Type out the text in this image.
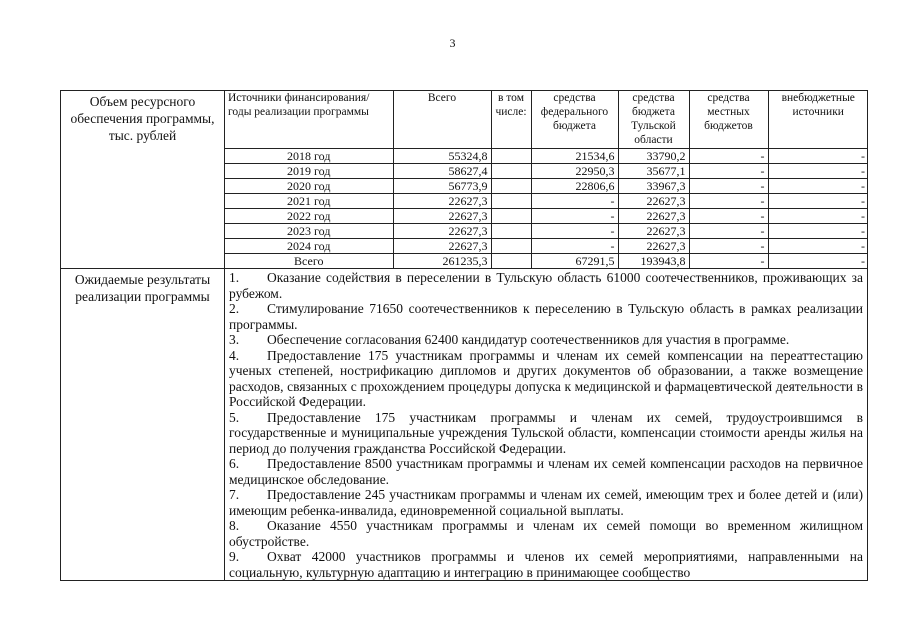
3
Объем ресурсного обеспечения программы, тыс. рублей	
Источники финансирования/ годы реализации программы	Всего	в том числе:	средства федерального бюджета	средства бюджета Тульской области	средства местных бюджетов	внебюджетные источники
2018 год	55324,8		21534,6	33790,2	-	-
2019 год	58627,4		22950,3	35677,1	-	-
2020 год	56773,9		22806,6	33967,3	-	-
2021 год	22627,3		-	22627,3	-	-
2022 год	22627,3		-	22627,3	-	-
2023 год	22627,3		-	22627,3	-	-
2024 год	22627,3		-	22627,3	-	-
Всего	261235,3		67291,5	193943,8	-	-

Ожидаемые результаты реализации программы	

1. Оказание содействия в переселении в Тульскую область 61000 соотечественников, проживающих за рубежом.

2. Стимулирование 71650 соотечественников к переселению в Тульскую область в рамках реализации программы.

3. Обеспечение согласования 62400 кандидатур соотечественников для участия в программе.

4. Предоставление 175 участникам программы и членам их семей компенсации на переаттестацию ученых степеней, нострификацию дипломов и других документов об образовании, а также возмещение расходов, связанных с прохождением процедуры допуска к медицинской и фармацевтической деятельности в Российской Федерации.

5. Предоставление 175 участникам программы и членам их семей, трудоустроившимся в государственные и муниципальные учреждения Тульской области, компенсации стоимости аренды жилья на период до получения гражданства Российской Федерации.

6. Предоставление 8500 участникам программы и членам их семей компенсации расходов на первичное медицинское обследование.

7. Предоставление 245 участникам программы и членам их семей, имеющим трех и более детей и (или) имеющим ребенка-инвалида, единовременной социальной выплаты.

8. Оказание 4550 участникам программы и членам их семей помощи во временном жилищном обустройстве.

9. Охват 42000 участников программы и членов их семей мероприятиями, направленными на социальную, культурную адаптацию и интеграцию в принимающее сообщество
